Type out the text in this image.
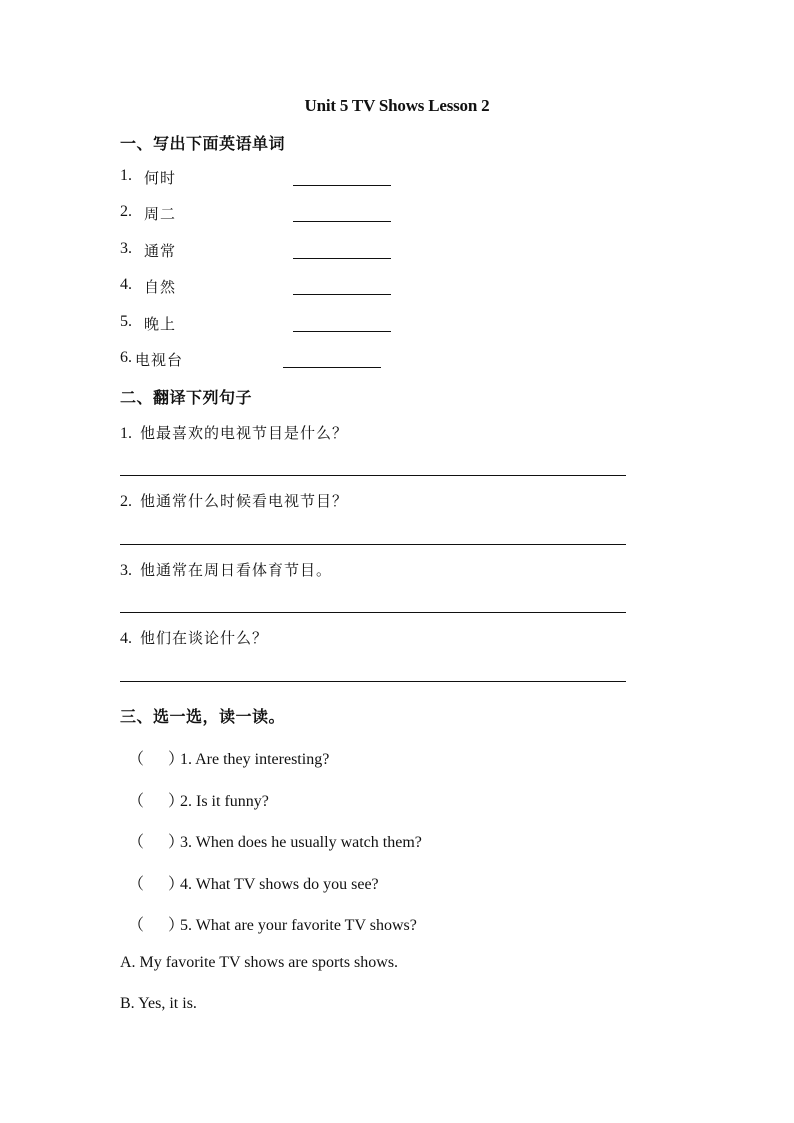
Unit 5 TV Shows Lesson 2
一、写出下面英语单词
1. 何时
2. 周二
3. 通常
4. 自然
5. 晚上
6. 电视台
二、翻译下列句子
1. 他最喜欢的电视节目是什么？
2. 他通常什么时候看电视节目？
3. 他通常在周日看体育节目。
4. 他们在谈论什么？
三、选一选，读一读。
（ ）1. Are they interesting?
（ ）2. Is it funny?
（ ）3. When does he usually watch them?
（ ）4. What TV shows do you see?
（ ）5. What are your favorite TV shows?
A. My favorite TV shows are sports shows.
B. Yes, it is.
